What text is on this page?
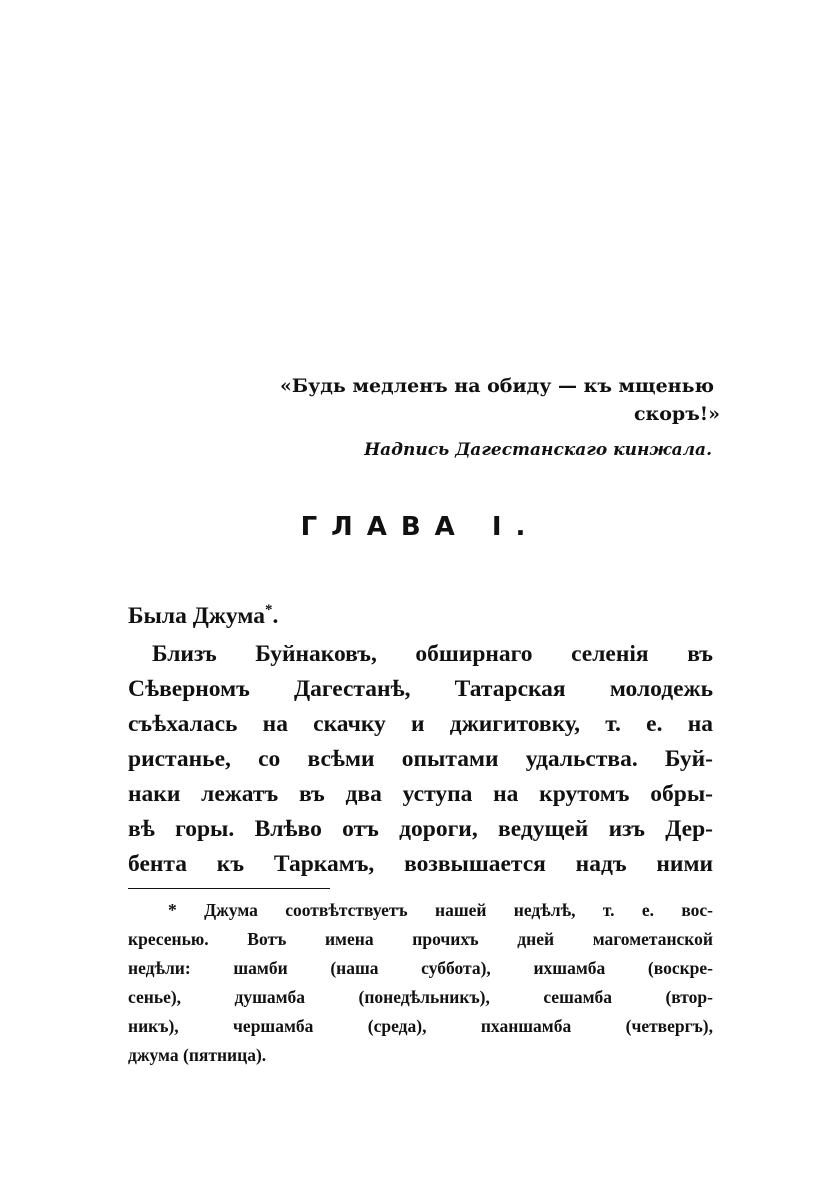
«Будь медленъ на обиду — къ мщенью
скоръ!»
Надпись Дагестанскаго кинжала.
ГЛАВА I.
Была Джума*.
Близъ Буйнаковъ, обширнаго селенія въ
Сѣверномъ Дагестанѣ, Татарская молодежь
съѣхалась на скачку и джигитовку, т. е. на
ристанье, со всѣми опытами удальства. Буй-
наки лежатъ въ два уступа на крутомъ обры-
вѣ горы. Влѣво отъ дороги, ведущей изъ Дер-
бента къ Таркамъ, возвышается надъ ними
* Джума соотвѣтствуетъ нашей недѣлѣ, т. е. вос-
кресенью. Вотъ имена прочихъ дней магометанской
недѣли: шамби (наша суббота), ихшамба (воскре-
сенье), душамба (понедѣльникъ), сешамба (втор-
никъ), чершамба (среда), пханшамба (четвергъ),
джума (пятница).
